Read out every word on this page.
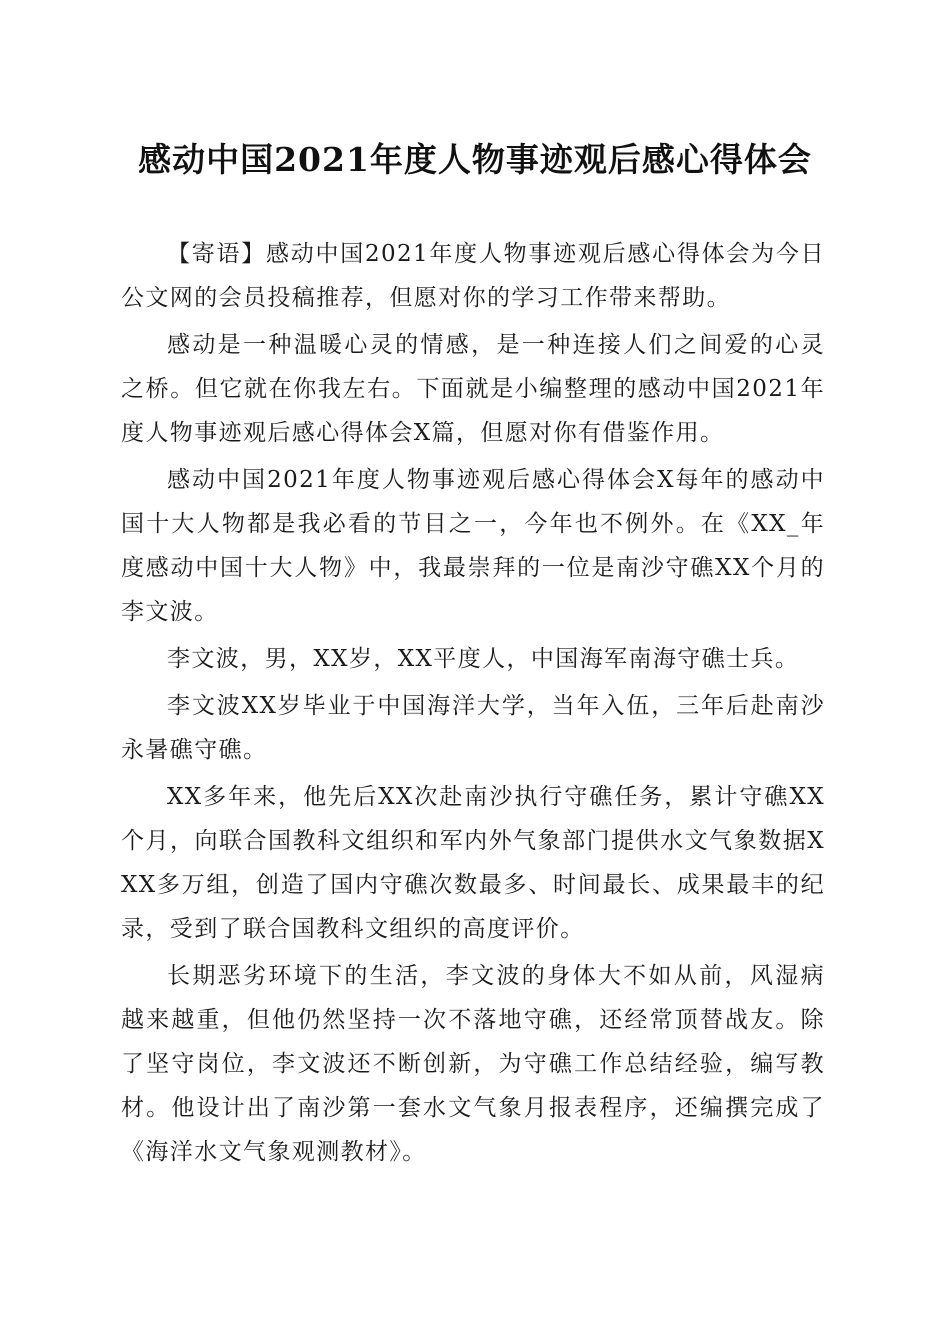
感动中国2021年度人物事迹观后感心得体会

【寄语】感动中国2021年度人物事迹观后感心得体会为今日公文网的会员投稿推荐，但愿对你的学习工作带来帮助。

感动是一种温暖心灵的情感，是一种连接人们之间爱的心灵之桥。但它就在你我左右。下面就是小编整理的感动中国2021年度人物事迹观后感心得体会X篇，但愿对你有借鉴作用。

感动中国2021年度人物事迹观后感心得体会X每年的感动中国十大人物都是我必看的节目之一，今年也不例外。在《XX_年度感动中国十大人物》中，我最崇拜的一位是南沙守礁XX个月的李文波。

李文波，男，XX岁，XX平度人，中国海军南海守礁士兵。

李文波XX岁毕业于中国海洋大学，当年入伍，三年后赴南沙永暑礁守礁。

XX多年来，他先后XX次赴南沙执行守礁任务，累计守礁XX个月，向联合国教科文组织和军内外气象部门提供水文气象数据XXX多万组，创造了国内守礁次数最多、时间最长、成果最丰的纪录，受到了联合国教科文组织的高度评价。

长期恶劣环境下的生活，李文波的身体大不如从前，风湿病越来越重，但他仍然坚持一次不落地守礁，还经常顶替战友。除了坚守岗位，李文波还不断创新，为守礁工作总结经验，编写教材。他设计出了南沙第一套水文气象月报表程序，还编撰完成了《海洋水文气象观测教材》。
